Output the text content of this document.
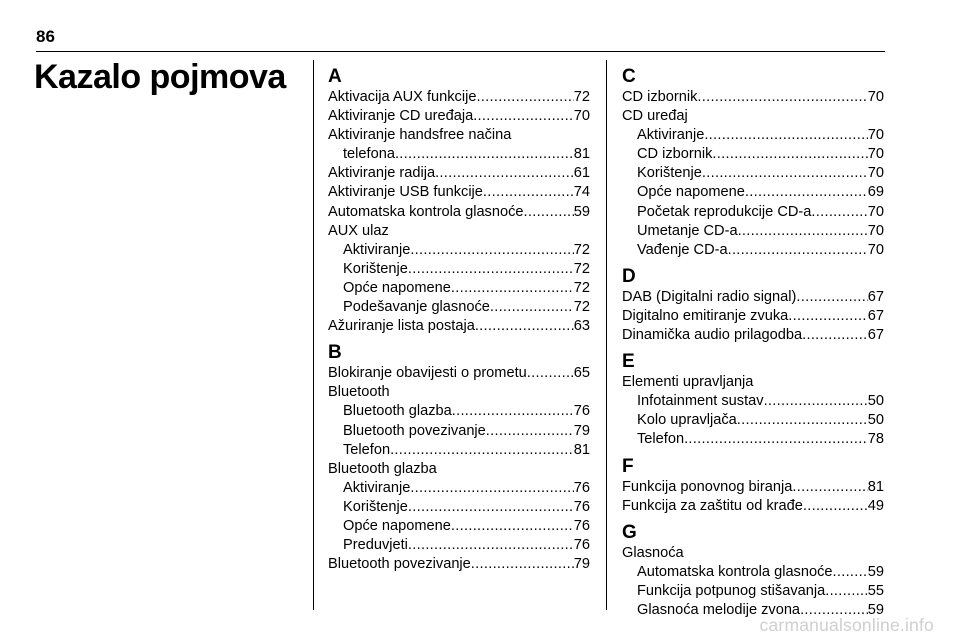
86
Kazalo pojmova A
Aktivacija AUX funkcije .....	72
Aktiviranje CD uređaja .....	70
Aktiviranje handsfree načina
telefona .....	81
Aktiviranje radija .....	61
Aktiviranje USB funkcije .....	74
Automatska kontrola glasnoće .....	59
AUX ulaz
Aktiviranje .....	72
Korištenje .....	72
Opće napomene .....	72
Podešavanje glasnoće .....	72
Ažuriranje lista postaja .....	63
B
Blokiranje obavijesti o prometu .....	65
Bluetooth
Bluetooth glazba .....	76
Bluetooth povezivanje .....	79
Telefon .....	81
Bluetooth glazba
Aktiviranje .....	76
Korištenje .....	76
Opće napomene .....	76
Preduvjeti .....	76
Bluetooth povezivanje .....	79
C
CD izbornik .....	70
CD uređaj
Aktiviranje .....	70
CD izbornik .....	70
Korištenje .....	70
Opće napomene .....	69
Početak reprodukcije CD-a .....	70
Umetanje CD-a .....	70
Vađenje CD-a .....	70
D
DAB (Digitalni radio signal) .....	67
Digitalno emitiranje zvuka .....	67
Dinamička audio prilagodba .....	67
E
Elementi upravljanja
Infotainment sustav .....	50
Kolo upravljača .....	50
Telefon .....	78
F
Funkcija ponovnog biranja .....	81
Funkcija za zaštitu od krađe .....	49
G
Glasnoća
Automatska kontrola glasnoće ..... 59
Funkcija potpunog stišavanja .....	55
Glasnoća melodije zvona .....	59
carmanualsonline.info
